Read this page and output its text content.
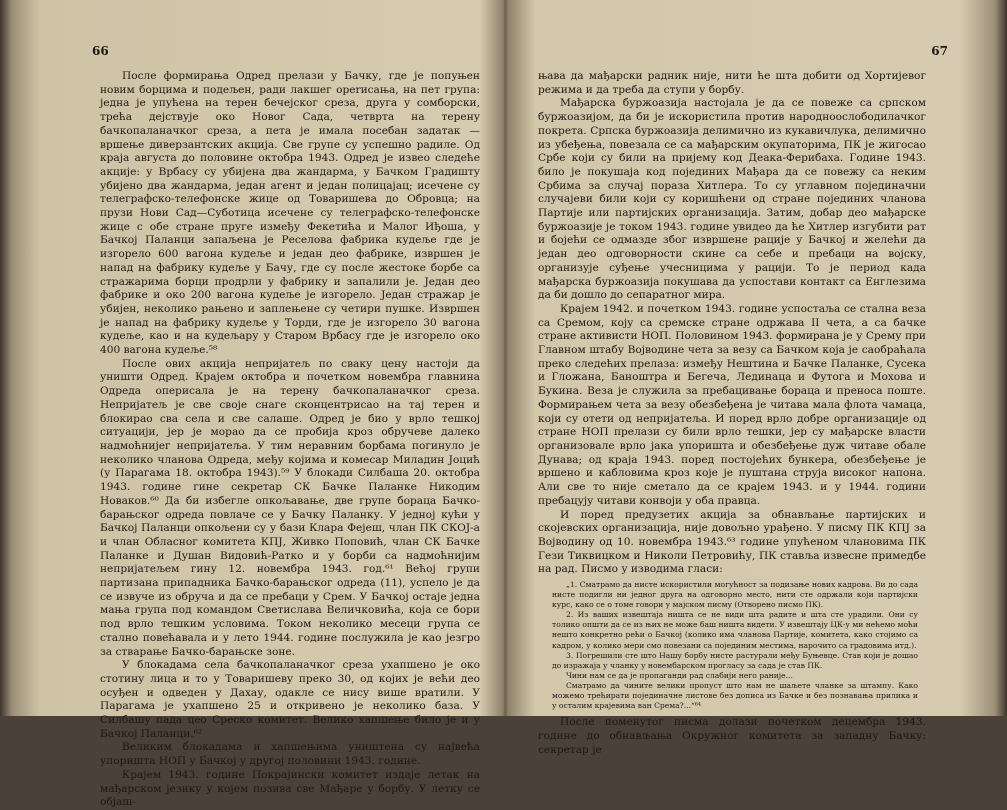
66

После формирања Одред прелази у Бачку, где је попуњен новим борцима и подељен, ради лакшег operисања, на пет група: једна је упућена на терен бечејског среза, друга у сомборски, трећа дејствује око Новог Сада, четврта на терену бачкопаланачког среза, а пета је имала посебан задатак — вршење диверзантских акција. Све групе су успешно радиле. Од краја августа до половине октобра 1943. Одред је извео следеће акције: у Врбасу су убијена два жандарма, у Бачком Градишту убијено два жандарма, један агент и један полицајац; исечене су телеграфско-телефонске жице од Товаришева до Обровца; на прузи Нови Сад—Суботица исечене су телеграфско-телефонске жице с обе стране пруге између Фекетића и Малог Иђоша, у Бачкој Паланци запаљена је Реселова фабрика кудеље где је изгорело 600 вагона кудеље и један део фабрике, извршен је напад на фабрику кудеље у Бачу, где су после жестоке борбе са стражарима борци продрли у фабрику и запалили је. Један део фабрике и око 200 вагона кудеље је изгорело. Један стражар је убијен, неколико рањено и заплењене су четири пушке. Извршен је напад на фабрику кудеље у Торди, где је изгорело 30 вагона кудеље, као и на кудељару у Старом Врбасу где је изгорело око 400 вагона кудеље.⁵⁸

После ових акција непријатељ по сваку цену настоји да уништи Одред. Крајем октобра и почетком новембра главнина Одреда оперисала је на терену бачкопаланачког среза. Непријатељ је све своје снаге сконцентрисао на тај терен и блокирао сва села и све салаше. Одред је био у врло тешкој ситуацији, јер је морао да се пробија кроз обручеве далеко надмоћнијег непријатеља. У тим неравним борбама погинуло је неколико чланова Одреда, међу којима и комесар Миладин Јоцић (у Парагама 18. октобра 1943).⁵⁹ У блокади Силбаша 20. октобра 1943. године гине секретар СК Бачке Паланке Никодим Новаков.⁶⁰ Да би избегле опкољавање, две групе бораца Бачко-барањског одреда повлаче се у Бачку Паланку. У једној кући у Бачкој Паланци опкољени су у бази Клара Фејеш, члан ПК СКОЈ-а и члан Обласног комитета КПЈ, Живко Поповић, члан СК Бачке Паланке и Душан Видовић-Ратко и у борби са надмоћнијим непријатељем гину 12. новембра 1943. год.⁶¹ Већој групи партизана припадника Бачко-барањског одреда (11), успело је да се извуче из обруча и да се пребаци у Срем. У Бачкој остаје једна мања група под командом Светислава Величковића, која се бори под врло тешким условима. Током неколико месеци група се стално повећавала и у лето 1944. године послужила је као језгро за стварање Бачко-барањске зоне.

У блокадама села бачкопаланачког среза ухапшено је око стотину лица и то у Товаришеву преко 30, од којих је већи део осуђен и одведен у Дахау, одакле се нису више вратили. У Парагама је ухапшено 25 и откривено је неколико база. У Силбашу пада цео Среско комитет. Велико хапшење било је и у Бачкој Паланци.⁶²

Великим блокадама и хапшењима уништена су највећа упоришта НОП у Бачкој у другој половини 1943. године.

Крајем 1943. године Покрајински комитет издаје летак на мађарском језику у којем позива све Мађаре у борбу. У летку се објаш-

67

њава да мађарски радник није, нити ће шта добити од Хортијевог режима и да треба да ступи у борбу.

Мађарска буржоазија настојала је да се повеже са српском буржоазијом, да би је искористила против народноослободилачког покрета. Српска буржоазија делимично из кукавичлука, делимично из убеђења, повезала се са мађарским окупаторима, ПК је жигосао Србе који су били на пријему код Деака-Ферибаха. Године 1943. било је покушаја код појединих Мађара да се повежу са неким Србима за случај пораза Хитлера. То су углавном појединачни случајеви били који су коришћени од стране појединих чланова Партије или партијских организација. Затим, добар део мађарске буржоазије је током 1943. године увидео да ће Хитлер изгубити рат и бојећи се одмазде због извршене рације у Бачкој и желећи да један део одговорности скине са себе и пребаци на војску, организује суђење учесницима у рацији. То је период када мађарска буржоазија покушава да успостави контакт са Енглезима да би дошло до сепаратног мира.

Крајем 1942. и почетком 1943. године успостаља се стална веза са Сремом, коју са сремске стране одржава II чета, а са бачке стране активисти НОП. Половином 1943. формирана је у Срему при Главном штабу Војводине чета за везу са Бачком која је саобраћала преко следећих прелаза: између Нештина и Бачке Паланке, Сусека и Глoжана, Баноштра и Бегеча, Лединаца и Футога и Мохова и Букина. Веза је служила за пребацивање бораца и преноса поште. Формирањем чета за везу обезбеђена је читава мала флота чамаца, који су отети од непријатеља. И поред врло добре организације од стране НОП прелази су били врло тешки, јер су мађарске власти организовале врло јака упоришта и обезбеђење дуж читаве обале Дунава; од краја 1943. поред постојећих бункера, обезбеђење је вршено и каблoвима кроз које је пуштана струја високог напона. Али све то није сметало да се крајем 1943. и у 1944. години пребацују читави конвоји у оба правца.

И поред предузетих акција за обнављање партијских и скојевских организација, није довољно урађено. У писму ПК КПЈ за Војводину од 10. новембра 1943.⁶³ године упућеном члановима ПК Гези Тиквицком и Николи Петровићу, ПК ставља извесне примедбе на рад. Писмо у изводима гласи:

„1. Сматрамо да нисте искористили могућност за подизање нових кадрова. Ви до сада нисте подигли ни једног друга на одговорно место, нити сте одржали који партијски курс, како се о томе говори у мајском писму (Отворено писмо ПК).

2. Из ваших извештаја ништа се не види шта радите и шта сте урадили. Они су толико општи да се из њих не може баш ништа видети. У извештају ЦК-у ми нећемо моћи нешто конкретно рећи о Бачкој (колико има чланова Партије, комитета, како стојимо са кадром, у колико мери смо повезани са појединим местима, нарочито са градовима итд.).

3. Погрешили сте што Нашу борбу нисте растурали међу Буњевце. Став који је дошао до изражаја у чланку у новембарском прогласу за сада је став ПК.

Чини нам се да је пропаганди рад слабији него раније...

Сматрамо да чините велики пропуст што нам не шаљете чланке за штампу. Како можемо трећирати појединачне листове без дописа из Бачке и без познавања прилика и у осталим крајевима ван Срема?...“⁶⁴

После поменутог писма долази почетком децембра 1943. године до обнављања Окружног комитета за западну Бачку: секретар је
